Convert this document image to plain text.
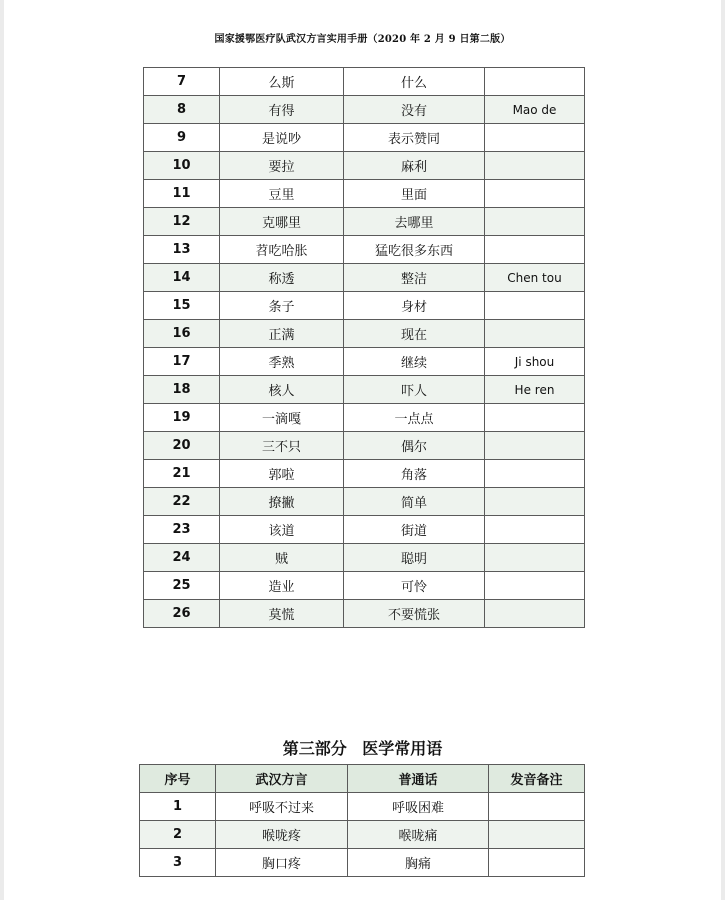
国家援鄂医疗队武汉方言实用手册（2020 年 2 月 9 日第二版）
7	么斯	什么	
8	有得	没有	Mao de
9	是说吵	表示赞同	
10	要拉	麻利	
11	豆里	里面	
12	克哪里	去哪里	
13	苕吃哈胀	猛吃很多东西	
14	称透	整洁	Chen tou
15	条子	身材	
16	正满	现在	
17	季熟	继续	Ji shou
18	核人	吓人	He ren
19	一滴嘎	一点点	
20	三不只	偶尔	
21	郭啦	角落	
22	撩撇	简单	
23	该道	街道	
24	贼	聪明	
25	造业	可怜	
26	莫慌	不要慌张	
第三部分 医学常用语
序号	武汉方言	普通话	发音备注
1	呼吸不过来	呼吸困难	
2	喉咙疼	喉咙痛	
3	胸口疼	胸痛	
